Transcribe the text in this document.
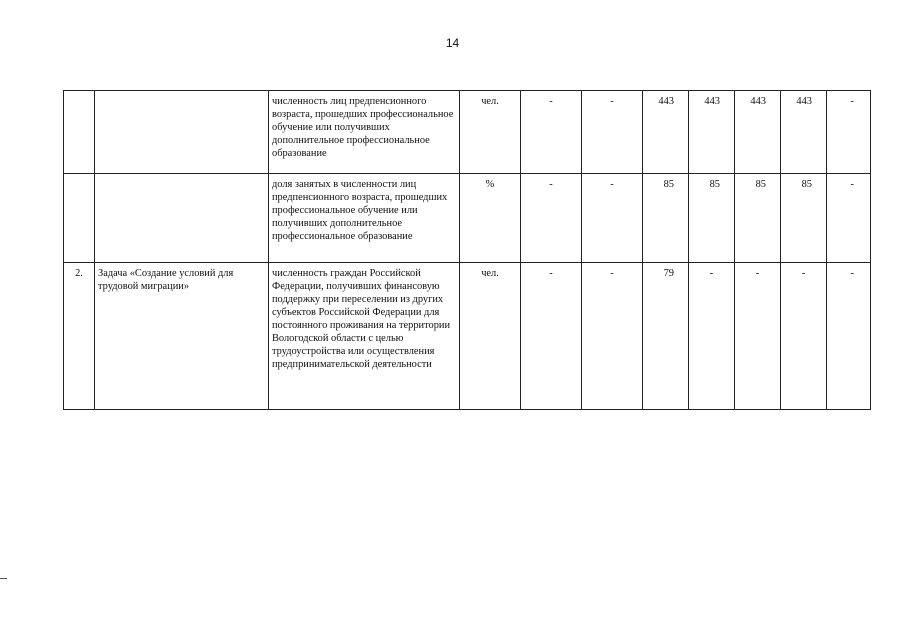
14
		численность лиц предпенсионного возраста, прошедших профессиональное обучение или получивших дополнительное профессиональное образование	чел.	-	-	443	443	443	443	-
		доля занятых в численности лиц предпенсионного возраста, прошедших профессиональное обучение или получивших дополнительное профессиональное образование	%	-	-	85	85	85	85	-
2.	Задача «Создание условий для трудовой миграции»	численность граждан Российской Федерации, получивших финансовую поддержку при переселении из других субъектов Российской Федерации для постоянного проживания на территории Вологодской области с целью трудоустройства или осуществления предпринимательской деятельности	чел.	-	-	79	-	-	-	-
